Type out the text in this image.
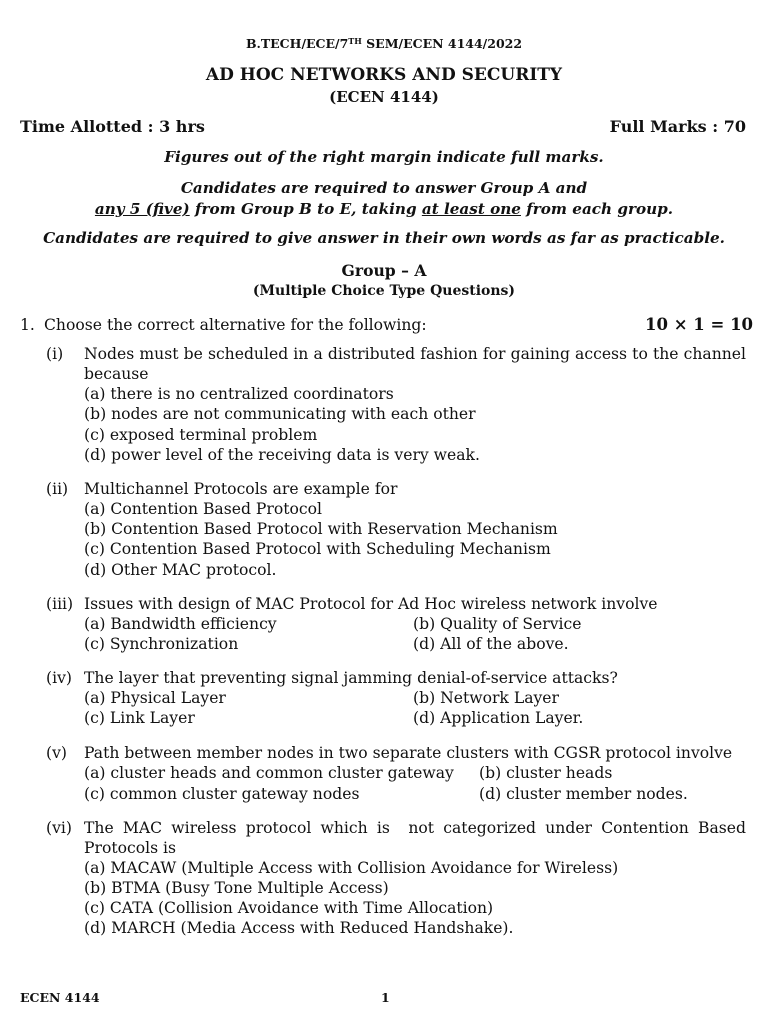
B.TECH/ECE/7TH SEM/ECEN 4144/2022
AD HOC NETWORKS AND SECURITY
(ECEN 4144)
Time Allotted : 3 hrs	Full Marks : 70
Figures out of the right margin indicate full marks.
Candidates are required to answer Group A and
any 5 (five) from Group B to E, taking at least one from each group.
Candidates are required to give answer in their own words as far as practicable.
Group – A
(Multiple Choice Type Questions)
1. Choose the correct alternative for the following:	10 × 1 = 10
(i) Nodes must be scheduled in a distributed fashion for gaining access to the channel
because
(a) there is no centralized coordinators
(b) nodes are not communicating with each other
(c) exposed terminal problem
(d) power level of the receiving data is very weak.
(ii) Multichannel Protocols are example for
(a) Contention Based Protocol
(b) Contention Based Protocol with Reservation Mechanism
(c) Contention Based Protocol with Scheduling Mechanism
(d) Other MAC protocol.
(iii) Issues with design of MAC Protocol for Ad Hoc wireless network involve
(a) Bandwidth efficiency	(b) Quality of Service
(c) Synchronization	(d) All of the above.
(iv) The layer that preventing signal jamming denial-of-service attacks?
(a) Physical Layer	(b) Network Layer
(c) Link Layer	(d) Application Layer.
(v) Path between member nodes in two separate clusters with CGSR protocol involve
(a) cluster heads and common cluster gateway (b) cluster heads
(c) common cluster gateway nodes	(d) cluster member nodes.
(vi) The MAC wireless protocol which is  not categorized under Contention Based
Protocols is
(a) MACAW (Multiple Access with Collision Avoidance for Wireless)
(b) BTMA (Busy Tone Multiple Access)
(c) CATA (Collision Avoidance with Time Allocation)
(d) MARCH (Media Access with Reduced Handshake).
ECEN 4144	1
